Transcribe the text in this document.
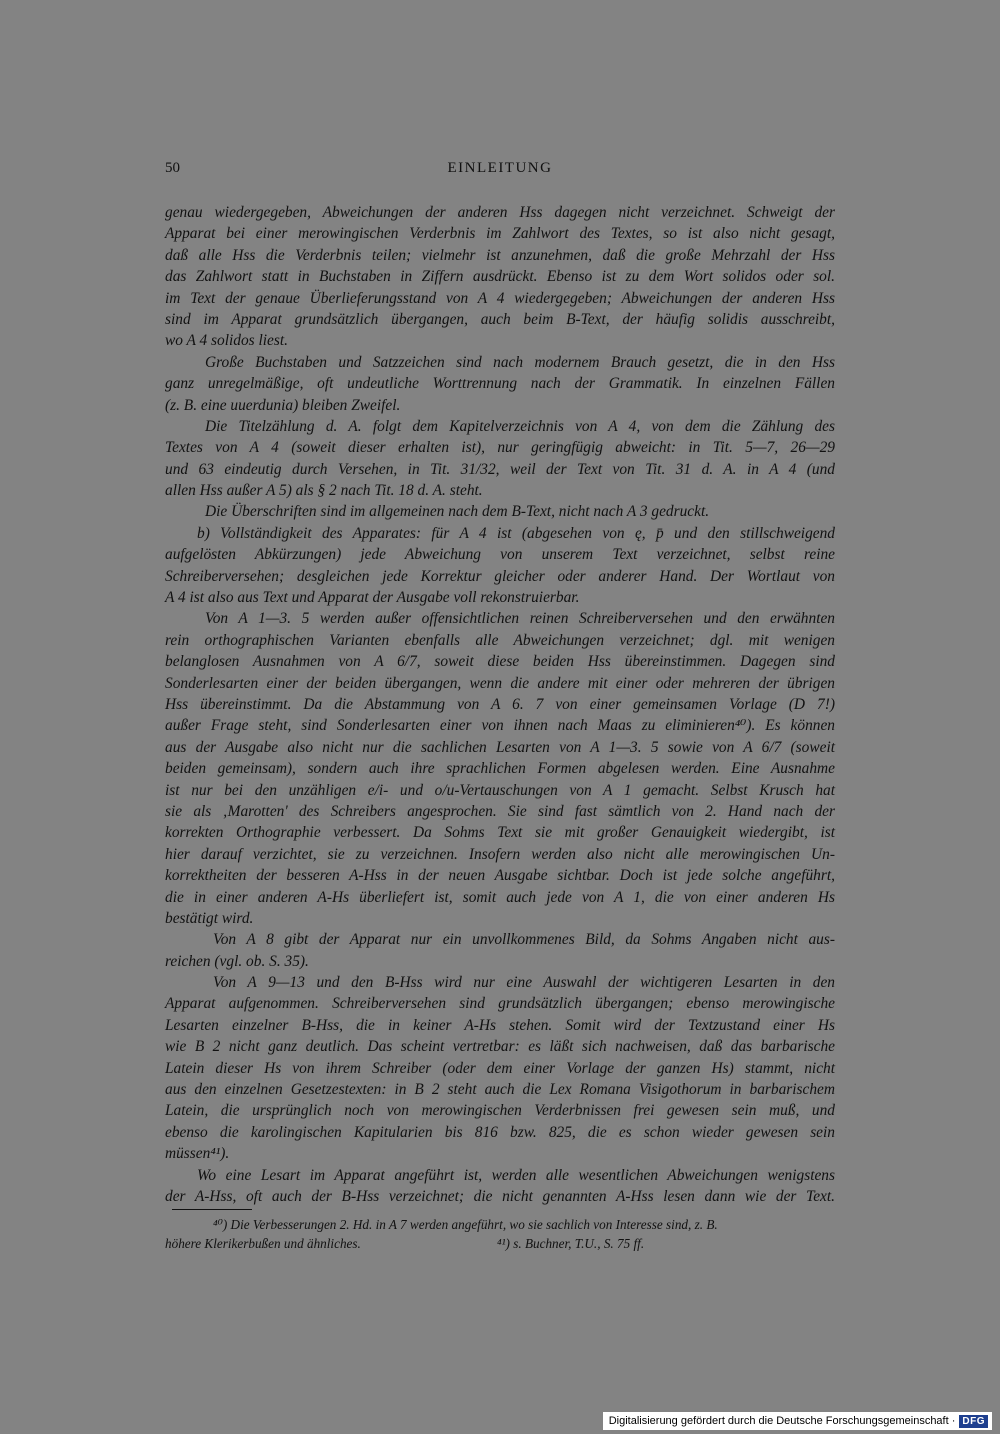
50	EINLEITUNG
genau wiedergegeben, Abweichungen der anderen Hss dagegen nicht verzeichnet. Schweigt der
Apparat bei einer merowingischen Verderbnis im Zahlwort des Textes, so ist also nicht gesagt,
daß alle Hss die Verderbnis teilen; vielmehr ist anzunehmen, daß die große Mehrzahl der Hss
das Zahlwort statt in Buchstaben in Ziffern ausdrückt. Ebenso ist zu dem Wort solidos oder sol.
im Text der genaue Überlieferungsstand von A 4 wiedergegeben; Abweichungen der anderen Hss
sind im Apparat grundsätzlich übergangen, auch beim B-Text, der häufig solidis ausschreibt,
wo A 4 solidos liest.
Große Buchstaben und Satzzeichen sind nach modernem Brauch gesetzt, die in den Hss
ganz unregelmäßige, oft undeutliche Worttrennung nach der Grammatik. In einzelnen Fällen
(z. B. eine uuerdunia) bleiben Zweifel.
Die Titelzählung d. A. folgt dem Kapitelverzeichnis von A 4, von dem die Zählung des
Textes von A 4 (soweit dieser erhalten ist), nur geringfügig abweicht: in Tit. 5—7, 26—29
und 63 eindeutig durch Versehen, in Tit. 31/32, weil der Text von Tit. 31 d. A. in A 4 (und
allen Hss außer A 5) als § 2 nach Tit. 18 d. A. steht.
Die Überschriften sind im allgemeinen nach dem B-Text, nicht nach A 3 gedruckt.
b) Vollständigkeit des Apparates: für A 4 ist (abgesehen von ę, p̄ und den stillschweigend
aufgelösten Abkürzungen) jede Abweichung von unserem Text verzeichnet, selbst reine
Schreiberversehen; desgleichen jede Korrektur gleicher oder anderer Hand. Der Wortlaut von
A 4 ist also aus Text und Apparat der Ausgabe voll rekonstruierbar.
Von A 1—3. 5 werden außer offensichtlichen reinen Schreiberversehen und den erwähnten
rein orthographischen Varianten ebenfalls alle Abweichungen verzeichnet; dgl. mit wenigen
belanglosen Ausnahmen von A 6/7, soweit diese beiden Hss übereinstimmen. Dagegen sind
Sonderlesarten einer der beiden übergangen, wenn die andere mit einer oder mehreren der übrigen
Hss übereinstimmt. Da die Abstammung von A 6. 7 von einer gemeinsamen Vorlage (D 7!)
außer Frage steht, sind Sonderlesarten einer von ihnen nach Maas zu eliminieren⁴⁰). Es können
aus der Ausgabe also nicht nur die sachlichen Lesarten von A 1—3. 5 sowie von A 6/7 (soweit
beiden gemeinsam), sondern auch ihre sprachlichen Formen abgelesen werden. Eine Ausnahme
ist nur bei den unzähligen e/i- und o/u-Vertauschungen von A 1 gemacht. Selbst Krusch hat
sie als ‚Marotten' des Schreibers angesprochen. Sie sind fast sämtlich von 2. Hand nach der
korrekten Orthographie verbessert. Da Sohms Text sie mit großer Genauigkeit wiedergibt, ist
hier darauf verzichtet, sie zu verzeichnen. Insofern werden also nicht alle merowingischen Un-
korrektheiten der besseren A-Hss in der neuen Ausgabe sichtbar. Doch ist jede solche angeführt,
die in einer anderen A-Hs überliefert ist, somit auch jede von A 1, die von einer anderen Hs
bestätigt wird.
Von A 8 gibt der Apparat nur ein unvollkommenes Bild, da Sohms Angaben nicht aus-
reichen (vgl. ob. S. 35).
Von A 9—13 und den B-Hss wird nur eine Auswahl der wichtigeren Lesarten in den
Apparat aufgenommen. Schreiberversehen sind grundsätzlich übergangen; ebenso merowingische
Lesarten einzelner B-Hss, die in keiner A-Hs stehen. Somit wird der Textzustand einer Hs
wie B 2 nicht ganz deutlich. Das scheint vertretbar: es läßt sich nachweisen, daß das barbarische
Latein dieser Hs von ihrem Schreiber (oder dem einer Vorlage der ganzen Hs) stammt, nicht
aus den einzelnen Gesetzestexten: in B 2 steht auch die Lex Romana Visigothorum in barbarischem
Latein, die ursprünglich noch von merowingischen Verderbnissen frei gewesen sein muß, und
ebenso die karolingischen Kapitularien bis 816 bzw. 825, die es schon wieder gewesen sein
müssen⁴¹).
Wo eine Lesart im Apparat angeführt ist, werden alle wesentlichen Abweichungen wenigstens
der A-Hss, oft auch der B-Hss verzeichnet; die nicht genannten A-Hss lesen dann wie der Text.
⁴⁰) Die Verbesserungen 2. Hd. in A 7 werden angeführt, wo sie sachlich von Interesse sind, z. B.
höhere Klerikerbußen und ähnliches.	⁴¹) s. Buchner, T.U., S. 75 ff.
Digitalisierung gefördert durch die Deutsche Forschungsgemeinschaft · DFG
